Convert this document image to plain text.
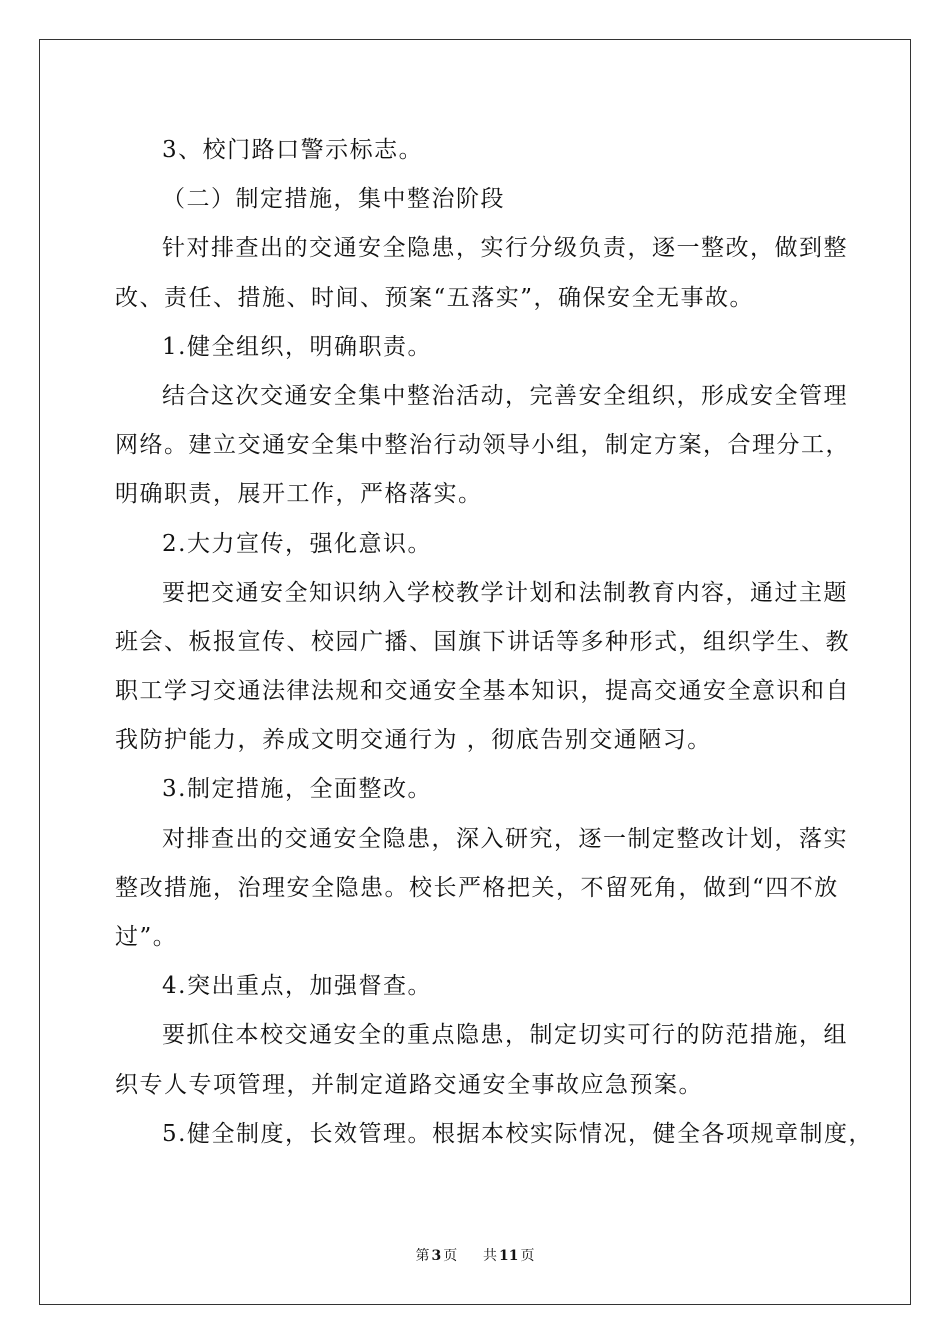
3、校门路口警示标志。
（二）制定措施，集中整治阶段
针对排查出的交通安全隐患，实行分级负责，逐一整改，做到整
改、责任、措施、时间、预案“五落实”，确保安全无事故。
1.健全组织，明确职责。
结合这次交通安全集中整治活动，完善安全组织，形成安全管理
网络。建立交通安全集中整治行动领导小组，制定方案，合理分工，
明确职责，展开工作，严格落实。
2.大力宣传，强化意识。
要把交通安全知识纳入学校教学计划和法制教育内容，通过主题
班会、板报宣传、校园广播、国旗下讲话等多种形式，组织学生、教
职工学习交通法律法规和交通安全基本知识，提高交通安全意识和自
我防护能力，养成文明交通行为 ，彻底告别交通陋习。
3.制定措施，全面整改。
对排查出的交通安全隐患，深入研究，逐一制定整改计划，落实
整改措施，治理安全隐患。校长严格把关，不留死角，做到“四不放
过”。
4.突出重点，加强督查。
要抓住本校交通安全的重点隐患，制定切实可行的防范措施，组
织专人专项管理，并制定道路交通安全事故应急预案。
5.健全制度，长效管理。根据本校实际情况，健全各项规章制度，
第 3 页 共 11 页
